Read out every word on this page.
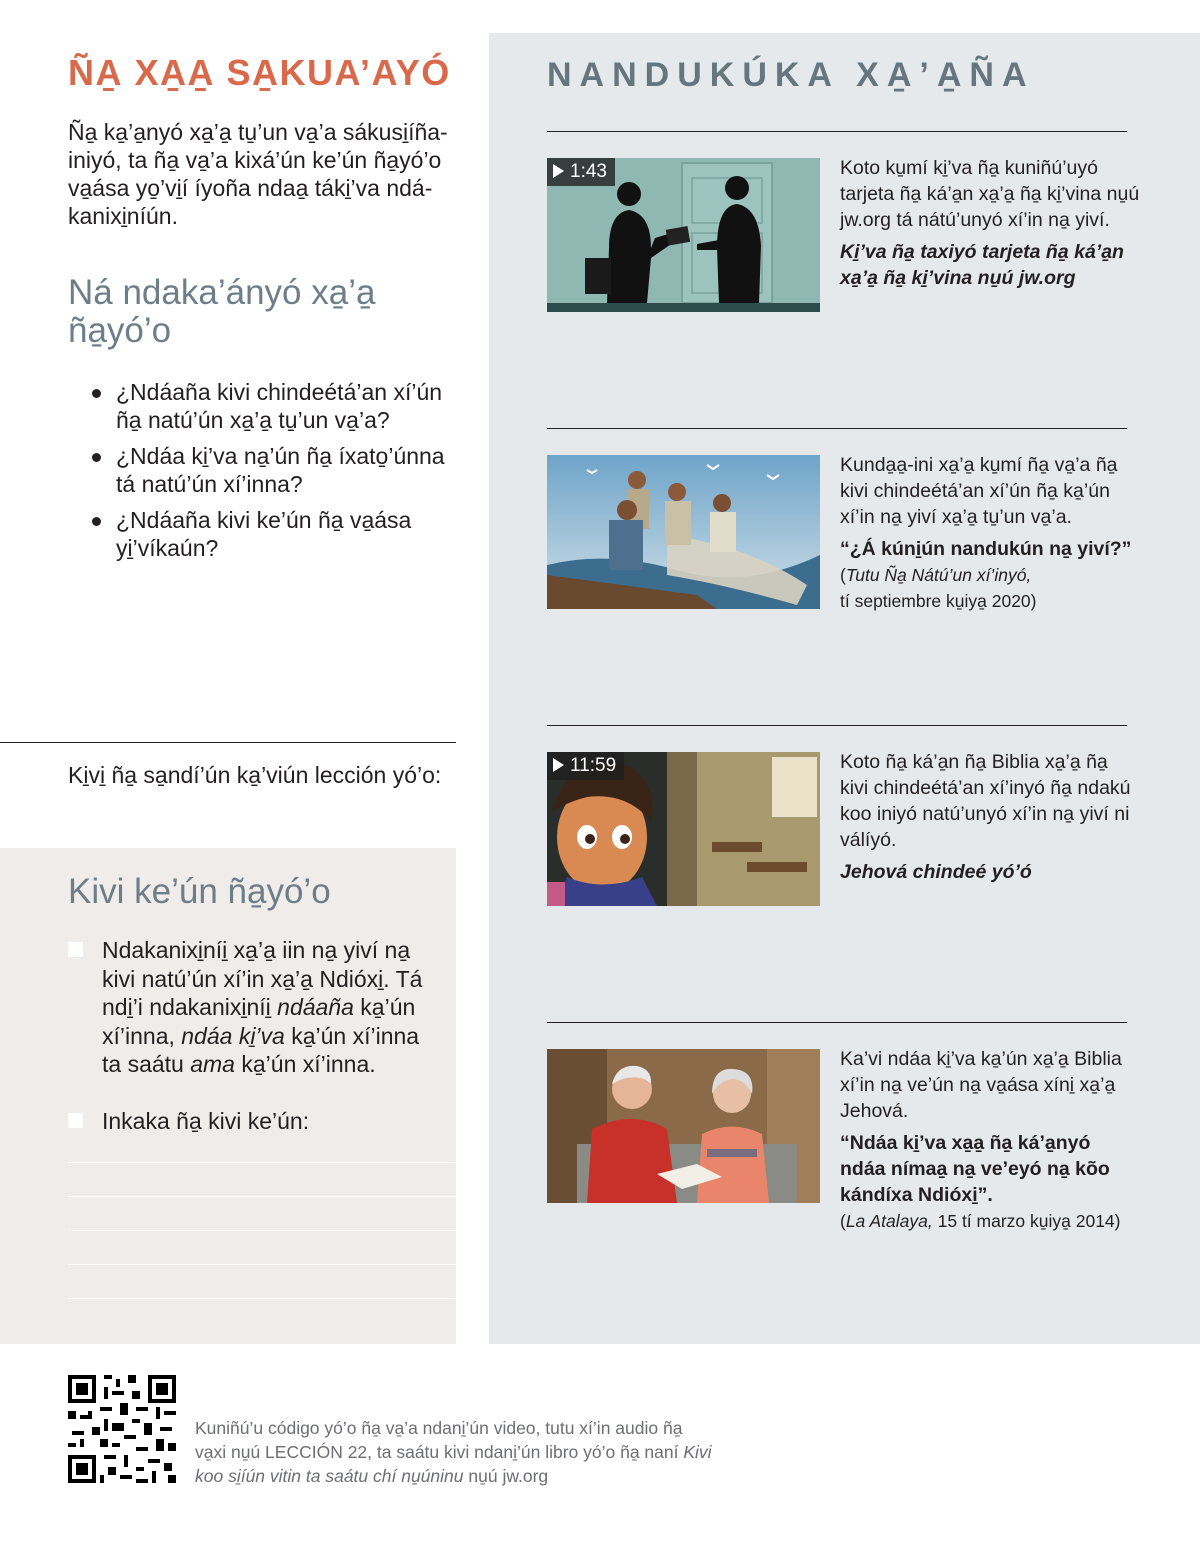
ÑA̱ XA̱A̱ SA̱KUA’AYÓ

Ña̱ ka̱’a̱nyó xa̱’a̱ tu̱’un va̱’a sákusi̱íña-iniyó, ta ña̱ va̱’a kixá’ún ke’ún ña̱yó’o va̱ása yo̱’vi̱í íyoña ndaa̱ táki̱’va ndá-kanixi̱níún.

Ná ndaka’ányó xa̱’a̱ ña̱yó’o
¿Ndáaña kivi chindeétá’an xí’ún ña̱ natú’ún xa̱’a̱ tu̱’un va̱’a?
¿Ndáa ki̱’va na̱’ún ña̱ íxato̱’únna tá natú’ún xí’inna?
¿Ndáaña kivi ke’ún ña̱ va̱ása yi̱’víkaún?

Ki̱vi̱ ña̱ sa̱ndí’ún ka̱’viún lección yó’o:

Kivi ke’ún ña̱yó’o

Ndakanixi̱níi̱ xa̱’a̱ iin na̱ yiví na̱ kivi natú’ún xí’in xa̱’a̱ Ndióxi̱. Tá ndi̱’i ndakanixi̱níi̱ ndáaña ka̱’ún xí’inna, ndáa ki̱’va ka̱’ún xí’inna ta saátu ama ka̱’ún xí’inna.

Inkaka ña̱ kivi ke’ún:

NANDUKÚKA XA̱’A̱ÑA
1:43	Koto ku̱mí ki̱’va ña̱ kuniñú’uyó tarjeta ña̱ ká’a̱n xa̱’a̱ ña̱ ki̱’vina nu̱ú jw.org tá nátú’unyó xí’in na̱ yiví.

Ki̱’va ña̱ taxiyó tarjeta ña̱ ká’a̱n xa̱’a̱ ña̱ ki̱’vina nu̱ú jw.org

Kunda̱a̱-ini xa̱’a̱ ku̱mí ña̱ va̱’a ña̱ kivi chindeétá’an xí’ún ña̱ ka̱’ún xí’in na̱ yiví xa̱’a̱ tu̱’un va̱’a.

“¿Á kúni̱ún nandukún na̱ yiví?”

(Tutu Ña̱ Nátú’un xí’inyó,
tí septiembre ku̱iya̱ 2020)

11:59	Koto ña̱ ká’a̱n ña̱ Biblia xa̱’a̱ ña̱ kivi chindeétá’an xí’inyó ña̱ ndakú koo iniyó natú’unyó xí’in na̱ yiví ni válíyó.

Jehová chindeé yó’ó

Ka’vi ndáa ki̱’va ka̱’ún xa̱’a̱ Biblia xí’in na̱ ve’ún na̱ va̱ása xíni̱ xa̱’a̱ Jehová.

“Ndáa ki̱’va xa̱a̱ ña̱ ká’a̱nyó ndáa nímaa̱ na̱ ve’eyó na̱ kõo kándíxa Ndióxi̱”.

(La Atalaya, 15 tí marzo ku̱iya̱ 2014)

Kuniñú’u código yó’o ña̱ va̱’a ndani̱’ún video, tutu xí’in audio ña̱ va̱xi nu̱ú LECCIÓN 22, ta saátu kivi ndani̱’ún libro yó’o ña̱ naní Kivi koo si̱íún vitin ta saátu chí nu̱úninu nu̱ú jw.org
